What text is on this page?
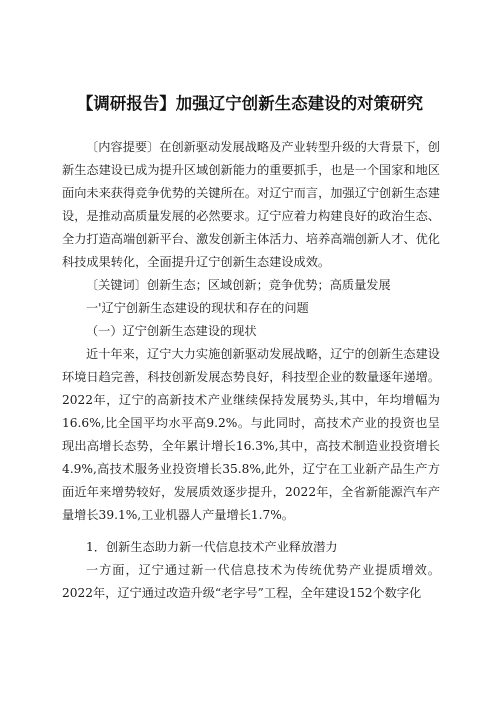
【调研报告】加强辽宁创新生态建设的对策研究

〔内容提要〕在创新驱动发展战略及产业转型升级的大背景下，创新生态建设已成为提升区域创新能力的重要抓手，也是一个国家和地区面向未来获得竞争优势的关键所在。对辽宁而言，加强辽宁创新生态建设，是推动高质量发展的必然要求。辽宁应着力构建良好的政治生态、全力打造高端创新平台、激发创新主体活力、培养高端创新人才、优化科技成果转化，全面提升辽宁创新生态建设成效。

〔关键词〕创新生态；区域创新；竞争优势；高质量发展

一'辽宁创新生态建设的现状和存在的问题

（一）辽宁创新生态建设的现状

近十年来，辽宁大力实施创新驱动发展战略，辽宁的创新生态建设环境日趋完善，科技创新发展态势良好，科技型企业的数量逐年递增。2022年，辽宁的高新技术产业继续保持发展势头,其中，年均增幅为16.6%,比全国平均水平高9.2%。与此同时，高技术产业的投资也呈现出高增长态势，全年累计增长16.3%,其中，高技术制造业投资增长4.9%,高技术服务业投资增长35.8%,此外，辽宁在工业新产品生产方面近年来增势较好，发展质效逐步提升，2022年，全省新能源汽车产量增长39.1%,工业机器人产量增长1.7%。

1．创新生态助力新一代信息技术产业释放潜力

一方面，辽宁通过新一代信息技术为传统优势产业提质增效。2022年，辽宁通过改造升级“老字号”工程，全年建设152个数字化
